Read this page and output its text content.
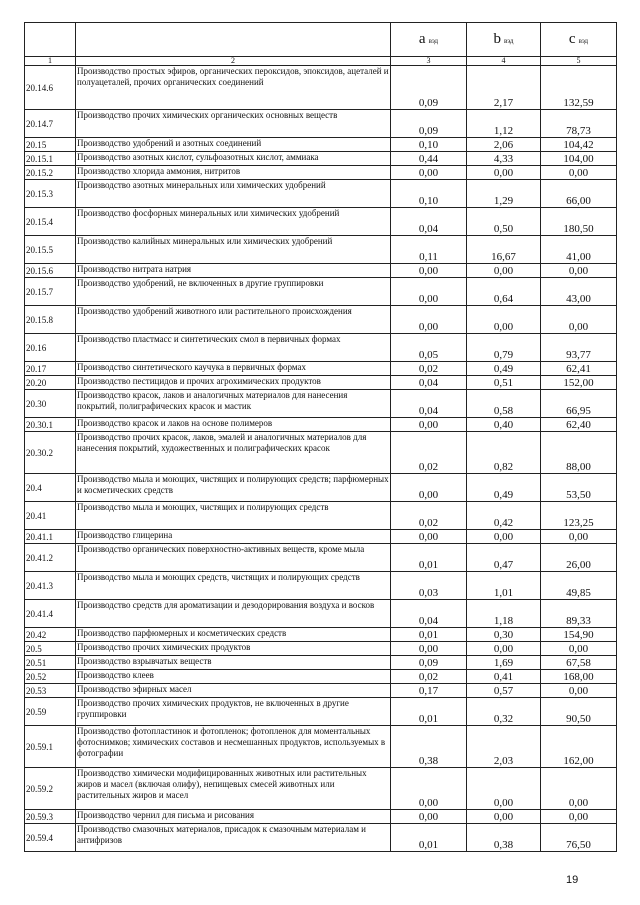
		a вэд	b вэд	c вэд
1	2	3	4	5
20.14.6	Производство простых эфиров, органических пероксидов, эпоксидов, ацеталей и полуацеталей, прочих органических соединений	0,09	2,17	132,59
20.14.7	Производство прочих химических органических основных веществ	0,09	1,12	78,73
20.15	Производство удобрений и азотных соединений	0,10	2,06	104,42
20.15.1	Производство азотных кислот, сульфоазотных кислот, аммиака	0,44	4,33	104,00
20.15.2	Производство хлорида аммония, нитритов	0,00	0,00	0,00
20.15.3	Производство азотных минеральных или химических удобрений	0,10	1,29	66,00
20.15.4	Производство фосфорных минеральных или химических удобрений	0,04	0,50	180,50
20.15.5	Производство калийных минеральных или химических удобрений	0,11	16,67	41,00
20.15.6	Производство нитрата натрия	0,00	0,00	0,00
20.15.7	Производство удобрений, не включенных в другие группировки	0,00	0,64	43,00
20.15.8	Производство удобрений животного или растительного происхождения	0,00	0,00	0,00
20.16	Производство пластмасс и синтетических смол в первичных формах	0,05	0,79	93,77
20.17	Производство синтетического каучука в первичных формах	0,02	0,49	62,41
20.20	Производство пестицидов и прочих агрохимических продуктов	0,04	0,51	152,00
20.30	Производство красок, лаков и аналогичных материалов для нанесения покрытий, полиграфических красок и мастик	0,04	0,58	66,95
20.30.1	Производство красок и лаков на основе полимеров	0,00	0,40	62,40
20.30.2	Производство прочих красок, лаков, эмалей и аналогичных материалов для нанесения покрытий, художественных и полиграфических красок	0,02	0,82	88,00
20.4	Производство мыла и моющих, чистящих и полирующих средств; парфюмерных и косметических средств	0,00	0,49	53,50
20.41	Производство мыла и моющих, чистящих и полирующих средств	0,02	0,42	123,25
20.41.1	Производство глицерина	0,00	0,00	0,00
20.41.2	Производство органических поверхностно-активных веществ, кроме мыла	0,01	0,47	26,00
20.41.3	Производство мыла и моющих средств, чистящих и полирующих средств	0,03	1,01	49,85
20.41.4	Производство средств для ароматизации и дезодорирования воздуха и восков	0,04	1,18	89,33
20.42	Производство парфюмерных и косметических средств	0,01	0,30	154,90
20.5	Производство прочих химических продуктов	0,00	0,00	0,00
20.51	Производство взрывчатых веществ	0,09	1,69	67,58
20.52	Производство клеев	0,02	0,41	168,00
20.53	Производство эфирных масел	0,17	0,57	0,00
20.59	Производство прочих химических продуктов, не включенных в другие группировки	0,01	0,32	90,50
20.59.1	Производство фотопластинок и фотопленок; фотопленок для моментальных фотоснимков; химических составов и несмешанных продуктов, используемых в фотографии	0,38	2,03	162,00
20.59.2	Производство химически модифицированных животных или растительных жиров и масел (включая олифу), непищевых смесей животных или растительных жиров и масел	0,00	0,00	0,00
20.59.3	Производство чернил для письма и рисования	0,00	0,00	0,00
20.59.4	Производство смазочных материалов, присадок к смазочным материалам и антифризов	0,01	0,38	76,50
19
